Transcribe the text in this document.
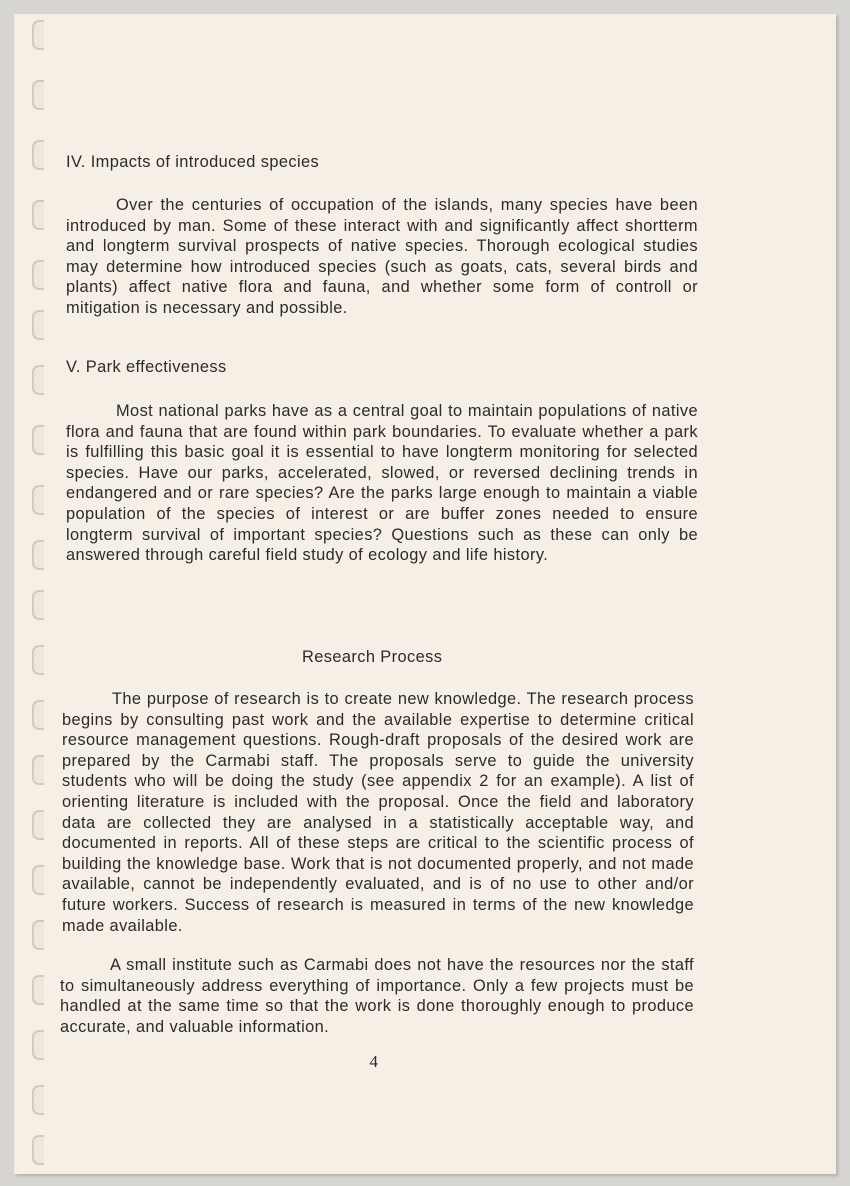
IV. Impacts of introduced species

Over the centuries of occupation of the islands, many species have been introduced by man. Some of these interact with and significantly affect shortterm and longterm survival prospects of native species. Thorough ecological studies may determine how introduced species (such as goats, cats, several birds and plants) affect native flora and fauna, and whether some form of controll or mitigation is necessary and possible.

V. Park effectiveness

Most national parks have as a central goal to maintain populations of native flora and fauna that are found within park boundaries. To evaluate whether a park is fulfilling this basic goal it is essential to have longterm monitoring for selected species. Have our parks, accelerated, slowed, or reversed declining trends in endangered and or rare species? Are the parks large enough to maintain a viable population of the species of interest or are buffer zones needed to ensure longterm survival of important species? Questions such as these can only be answered through careful field study of ecology and life history.

Research Process

The purpose of research is to create new knowledge. The research process begins by consulting past work and the available expertise to determine critical resource management questions. Rough-draft proposals of the desired work are prepared by the Carmabi staff. The proposals serve to guide the university students who will be doing the study (see appendix 2 for an example). A list of orienting literature is included with the proposal. Once the field and laboratory data are collected they are analysed in a statistically acceptable way, and documented in reports. All of these steps are critical to the scientific process of building the knowledge base. Work that is not documented properly, and not made available, cannot be independently evaluated, and is of no use to other and/or future workers. Success of research is measured in terms of the new knowledge made available.

A small institute such as Carmabi does not have the resources nor the staff to simultaneously address everything of importance. Only a few projects must be handled at the same time so that the work is done thoroughly enough to produce accurate, and valuable information.

4
